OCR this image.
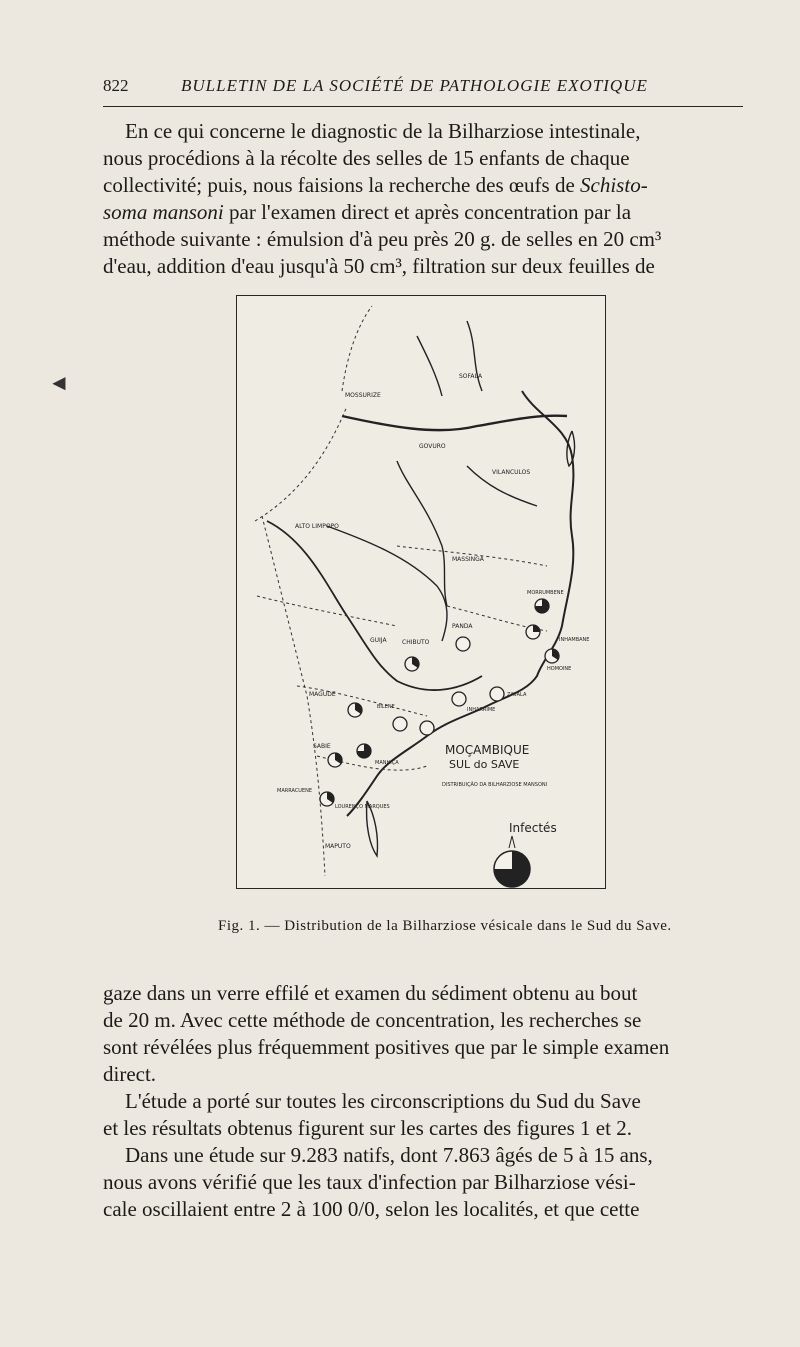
◄
822	BULLETIN DE LA SOCIÉTÉ DE PATHOLOGIE EXOTIQUE

En ce qui concerne le diagnostic de la Bilharziose intestinale,

nous procédions à la récolte des selles de 15 enfants de chaque

collectivité; puis, nous faisions la recherche des œufs de Schisto-

soma mansoni par l'examen direct et après concentration par la

méthode suivante : émulsion d'à peu près 20 g. de selles en 20 cm³

d'eau, addition d'eau jusqu'à 50 cm³, filtration sur deux feuilles de

MOSSURIZE
SOFALA
GOVURO
VILANCULOS
ALTO LIMPOPO
MASSINGA
MORRUMBENE
INHAMBANE
CHIBUTO
PANDA
GUIJA
HOMOINE
ZAVALA
INHARRIME
MAGUDE
BILENE
MANHIÇA
SABIE
MARRACUENE
LOURENÇO MARQUES
MAPUTO
MOÇAMBIQUE
SUL do SAVE
DISTRIBUIÇÃO DA BILHARZIOSE MANSONI
Infectés
Fig. 1. — Distribution de la Bilharziose vésicale dans le Sud du Save.

gaze dans un verre effilé et examen du sédiment obtenu au bout

de 20 m. Avec cette méthode de concentration, les recherches se

sont révélées plus fréquemment positives que par le simple examen

direct.

L'étude a porté sur toutes les circonscriptions du Sud du Save

et les résultats obtenus figurent sur les cartes des figures 1 et 2.

Dans une étude sur 9.283 natifs, dont 7.863 âgés de 5 à 15 ans,

nous avons vérifié que les taux d'infection par Bilharziose vési-

cale oscillaient entre 2 à 100 0/0, selon les localités, et que cette
